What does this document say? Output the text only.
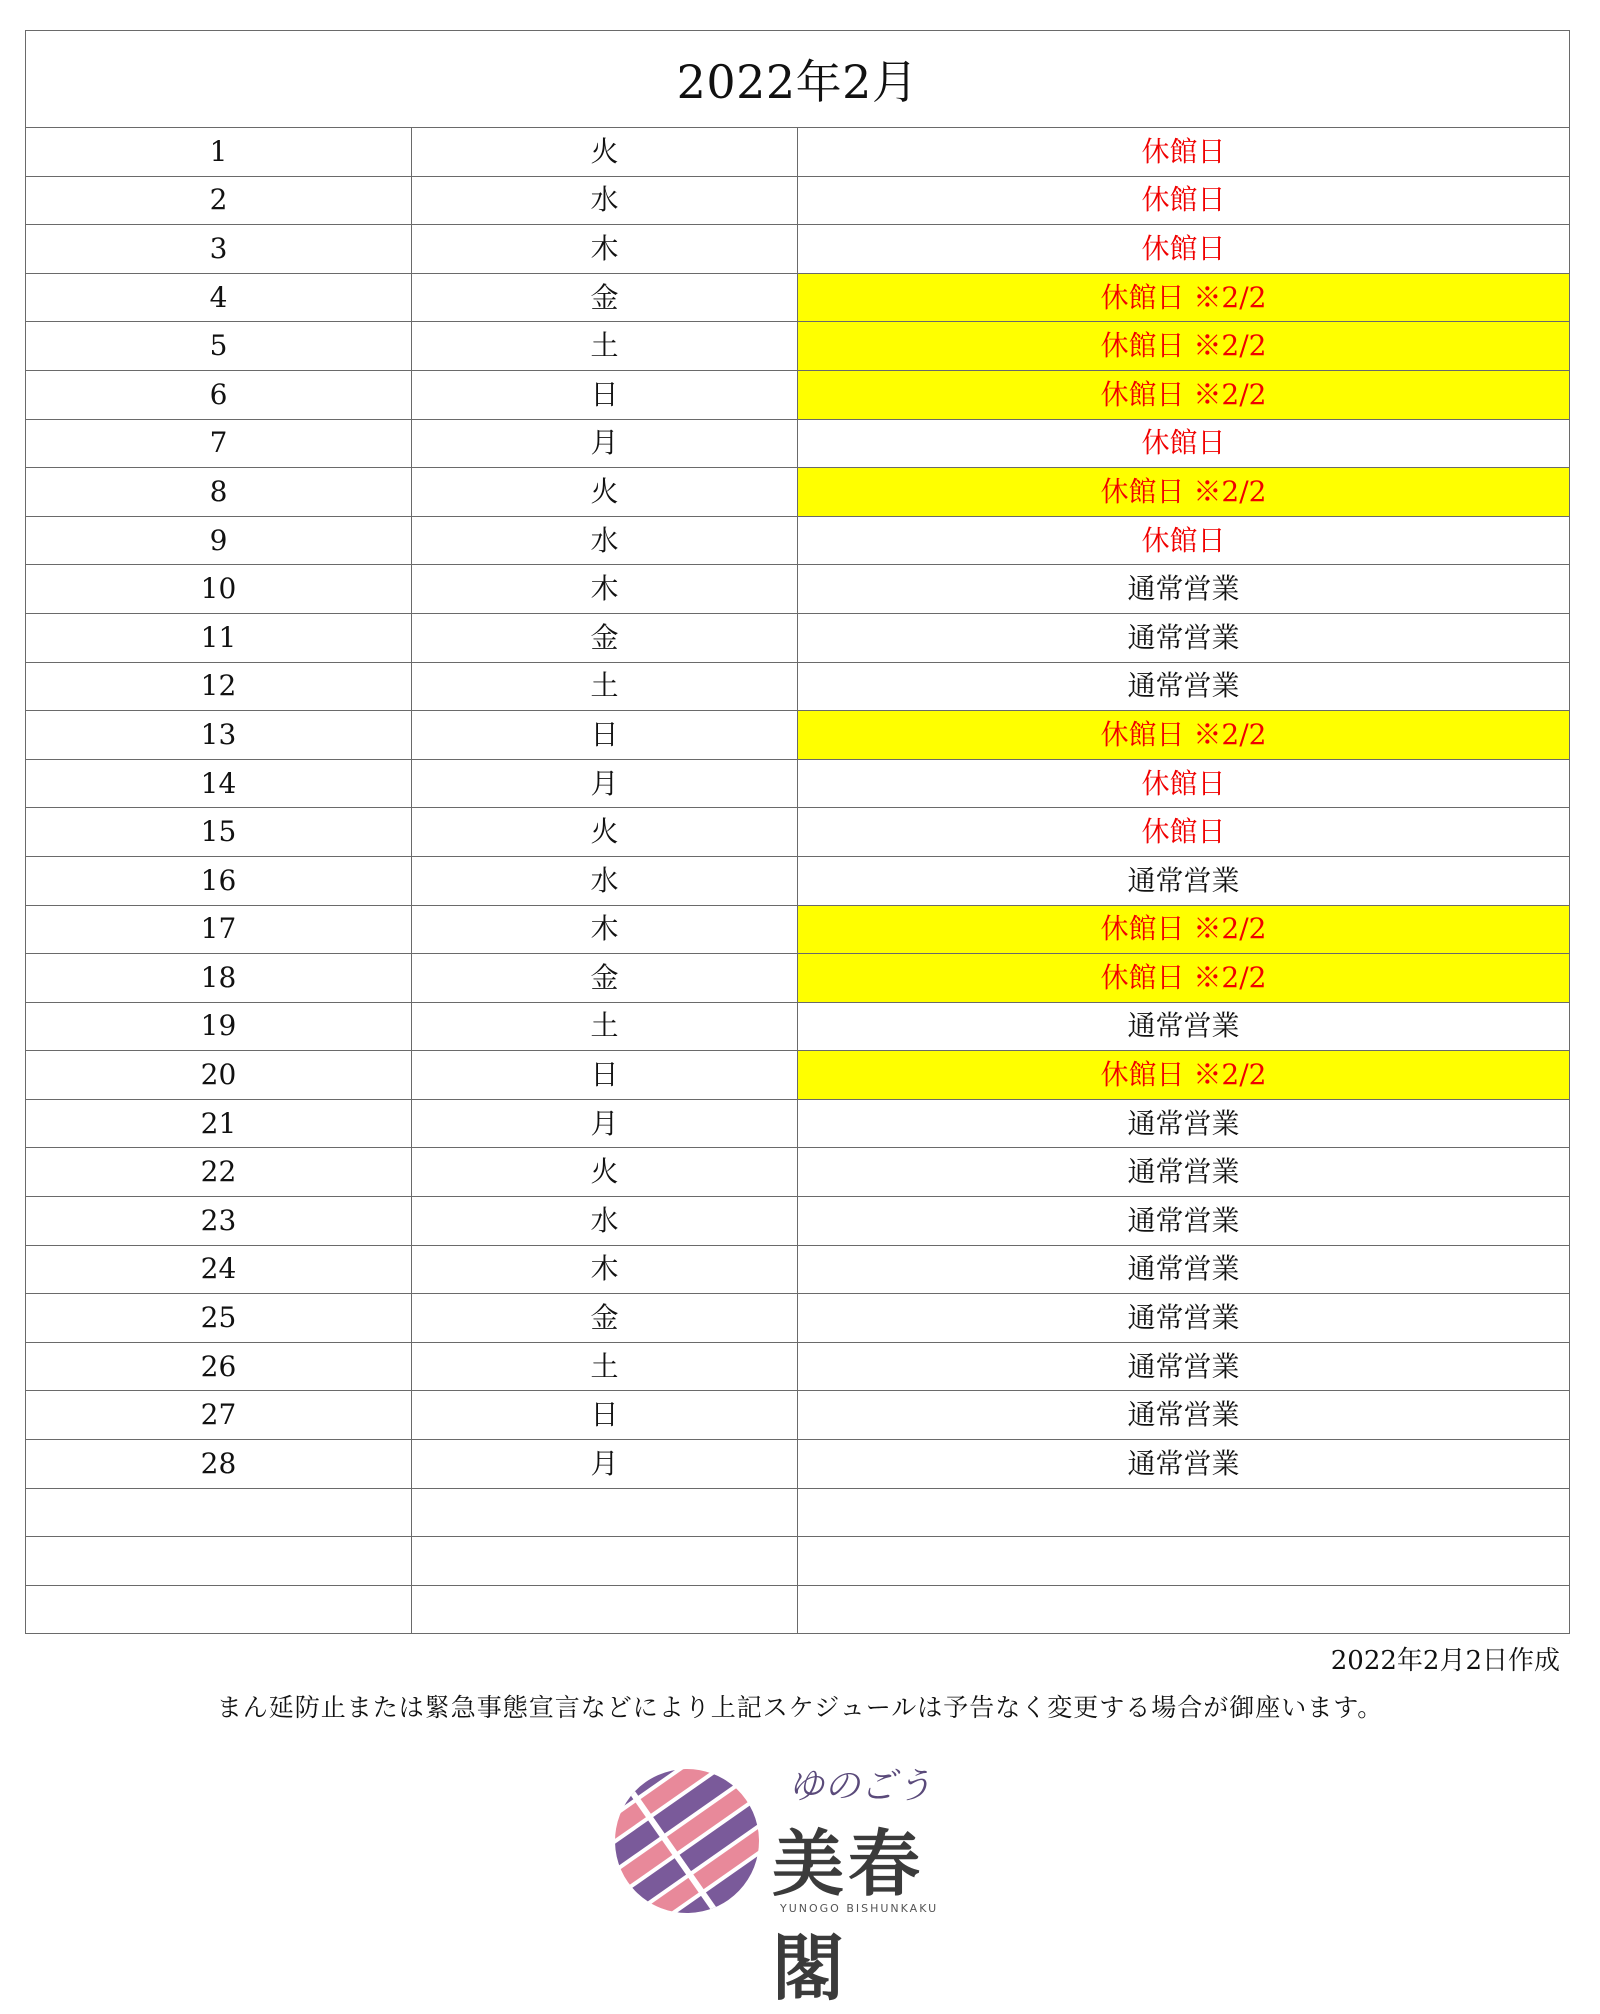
2022年2月		
1	火	休館日
2	水	休館日
3	木	休館日
4	金	休館日 ※2/2
5	土	休館日 ※2/2
6	日	休館日 ※2/2
7	月	休館日
8	火	休館日 ※2/2
9	水	休館日
10	木	通常営業
11	金	通常営業
12	土	通常営業
13	日	休館日 ※2/2
14	月	休館日
15	火	休館日
16	水	通常営業
17	木	休館日 ※2/2
18	金	休館日 ※2/2
19	土	通常営業
20	日	休館日 ※2/2
21	月	通常営業
22	火	通常営業
23	水	通常営業
24	木	通常営業
25	金	通常営業
26	土	通常営業
27	日	通常営業
28	月	通常営業

2022年2月2日作成
まん延防止または緊急事態宣言などにより上記スケジュールは予告なく変更する場合が御座います。
ゆのごう
美春閣
YUNOGO BISHUNKAKU
